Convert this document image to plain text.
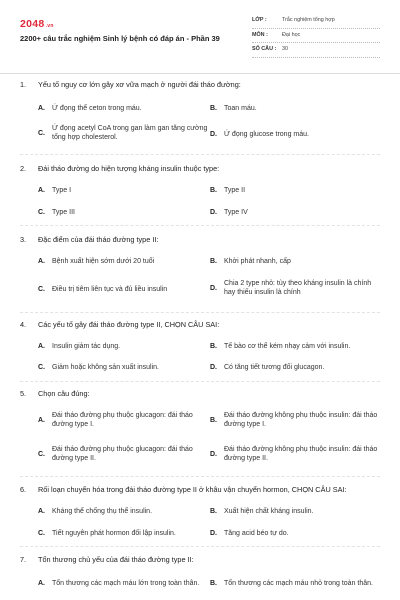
2048.vn
2200+ câu trắc nghiệm Sinh lý bệnh có đáp án - Phần 39
LỚP :	Trắc nghiệm tổng hợp
MÔN :	Đại học
SỐ CÂU :	30
1.	Yếu tố nguy cơ lớn gây xơ vữa mạch ở người đái tháo đường:
A.	Ứ đọng thể ceton trong máu.	B.	Toan máu.
C.
Ứ đọng acetyl CoA trong gan làm gan tăng cường tổng hợp cholesterol.	D.	Ứ đọng glucose trong máu.
2.	Đái tháo đường do hiện tượng kháng insulin thuộc type:
A.	Type I	B.	Type II
C.	Type III	D.	Type IV
3.	Đặc điểm của đái tháo đường type II:
A.	Bệnh xuất hiện sớm dưới 20 tuổi	B.	Khởi phát nhanh, cấp
C.	Điều trị tiêm liên tục và đủ liều insulin	D.
Chia 2 type nhỏ: tùy theo kháng insulin là chính hay thiếu insulin là chính
4.	Các yếu tố gây đái tháo đường type II, CHỌN CÂU SAI:
A.	Insulin giảm tác dụng.	B.	Tế bào cơ thể kém nhạy cảm với insulin.
C.	Giảm hoặc không sản xuất insulin.	D.	Có tăng tiết tương đối glucagon.
5.	Chọn câu đúng:
A.
Đái tháo đường phụ thuộc glucagon: đái tháo đường type I.
B.
Đái tháo đường không phụ thuộc insulin: đái tháo đường type I.
C.
Đái tháo đường phụ thuộc glucagon: đái tháo đường type II.
D.
Đái tháo đường không phụ thuộc insulin: đái tháo đường type II.
6.	Rối loạn chuyển hóa trong đái tháo đường type II ở khâu vận chuyển hormon, CHỌN CÂU SAI:
A.	Kháng thể chống thụ thể insulin.	B.	Xuất hiện chất kháng insulin.
C.	Tiết nguyên phát hormon đối lập insulin.	D.	Tăng acid béo tự do.
7.	Tổn thương chủ yếu của đái tháo đường type II:
A.	Tổn thương các mạch máu lớn trong toàn thân.	B.	Tổn thương các mạch máu nhỏ trong toàn thân.
